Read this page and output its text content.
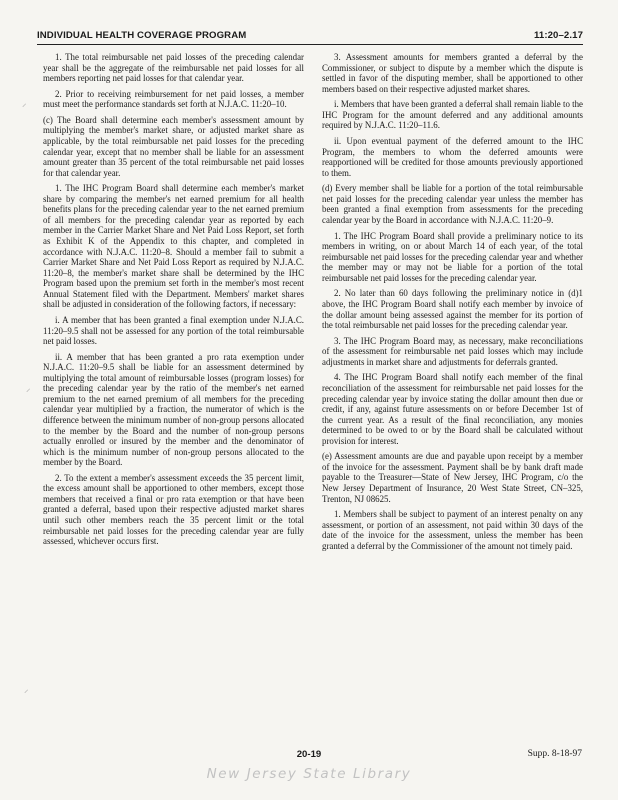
INDIVIDUAL HEALTH COVERAGE PROGRAM	11:20–2.17

1. The total reimbursable net paid losses of the preceding calendar year shall be the aggregate of the reimbursable net paid losses for all members reporting net paid losses for that calendar year.

2. Prior to receiving reimbursement for net paid losses, a member must meet the performance standards set forth at N.J.A.C. 11:20–10.

(c) The Board shall determine each member's assessment amount by multiplying the member's market share, or adjusted market share as applicable, by the total reimbursable net paid losses for the preceding calendar year, except that no member shall be liable for an assessment amount greater than 35 percent of the total reimbursable net paid losses for that calendar year.

1. The IHC Program Board shall determine each member's market share by comparing the member's net earned premium for all health benefits plans for the preceding calendar year to the net earned premium of all members for the preceding calendar year as reported by each member in the Carrier Market Share and Net Paid Loss Report, set forth as Exhibit K of the Appendix to this chapter, and completed in accordance with N.J.A.C. 11:20–8. Should a member fail to submit a Carrier Market Share and Net Paid Loss Report as required by N.J.A.C. 11:20–8, the member's market share shall be determined by the IHC Program based upon the premium set forth in the member's most recent Annual Statement filed with the Department. Members' market shares shall be adjusted in consideration of the following factors, if necessary:

i. A member that has been granted a final exemption under N.J.A.C. 11:20–9.5 shall not be assessed for any portion of the total reimbursable net paid losses.

ii. A member that has been granted a pro rata exemption under N.J.A.C. 11:20–9.5 shall be liable for an assessment determined by multiplying the total amount of reimbursable losses (program losses) for the preceding calendar year by the ratio of the member's net earned premium to the net earned premium of all members for the preceding calendar year multiplied by a fraction, the numerator of which is the difference between the minimum number of non-group persons allocated to the member by the Board and the number of non-group persons actually enrolled or insured by the member and the denominator of which is the minimum number of non-group persons allocated to the member by the Board.

2. To the extent a member's assessment exceeds the 35 percent limit, the excess amount shall be apportioned to other members, except those members that received a final or pro rata exemption or that have been granted a deferral, based upon their respective adjusted market shares until such other members reach the 35 percent limit or the total reimbursable net paid losses for the preceding calendar year are fully assessed, whichever occurs first.

3. Assessment amounts for members granted a deferral by the Commissioner, or subject to dispute by a member which the dispute is settled in favor of the disputing member, shall be apportioned to other members based on their respective adjusted market shares.

i. Members that have been granted a deferral shall remain liable to the IHC Program for the amount deferred and any additional amounts required by N.J.A.C. 11:20–11.6.

ii. Upon eventual payment of the deferred amount to the IHC Program, the members to whom the deferred amounts were reapportioned will be credited for those amounts previously apportioned to them.

(d) Every member shall be liable for a portion of the total reimbursable net paid losses for the preceding calendar year unless the member has been granted a final exemption from assessments for the preceding calendar year by the Board in accordance with N.J.A.C. 11:20–9.

1. The IHC Program Board shall provide a preliminary notice to its members in writing, on or about March 14 of each year, of the total reimbursable net paid losses for the preceding calendar year and whether the member may or may not be liable for a portion of the total reimbursable net paid losses for the preceding calendar year.

2. No later than 60 days following the preliminary notice in (d)1 above, the IHC Program Board shall notify each member by invoice of the dollar amount being assessed against the member for its portion of the total reimbursable net paid losses for the preceding calendar year.

3. The IHC Program Board may, as necessary, make reconciliations of the assessment for reimbursable net paid losses which may include adjustments in market share and adjustments for deferrals granted.

4. The IHC Program Board shall notify each member of the final reconciliation of the assessment for reimbursable net paid losses for the preceding calendar year by invoice stating the dollar amount then due or credit, if any, against future assessments on or before December 1st of the current year. As a result of the final reconciliation, any monies determined to be owed to or by the Board shall be calculated without provision for interest.

(e) Assessment amounts are due and payable upon receipt by a member of the invoice for the assessment. Payment shall be by bank draft made payable to the Treasurer—State of New Jersey, IHC Program, c/o the New Jersey Department of Insurance, 20 West State Street, CN–325, Trenton, NJ 08625.

1. Members shall be subject to payment of an interest penalty on any assessment, or portion of an assessment, not paid within 30 days of the date of the invoice for the assessment, unless the member has been granted a deferral by the Commissioner of the amount not timely paid.

⸍
⸍
⸍
20-19	Supp. 8-18-97
New Jersey State Library
